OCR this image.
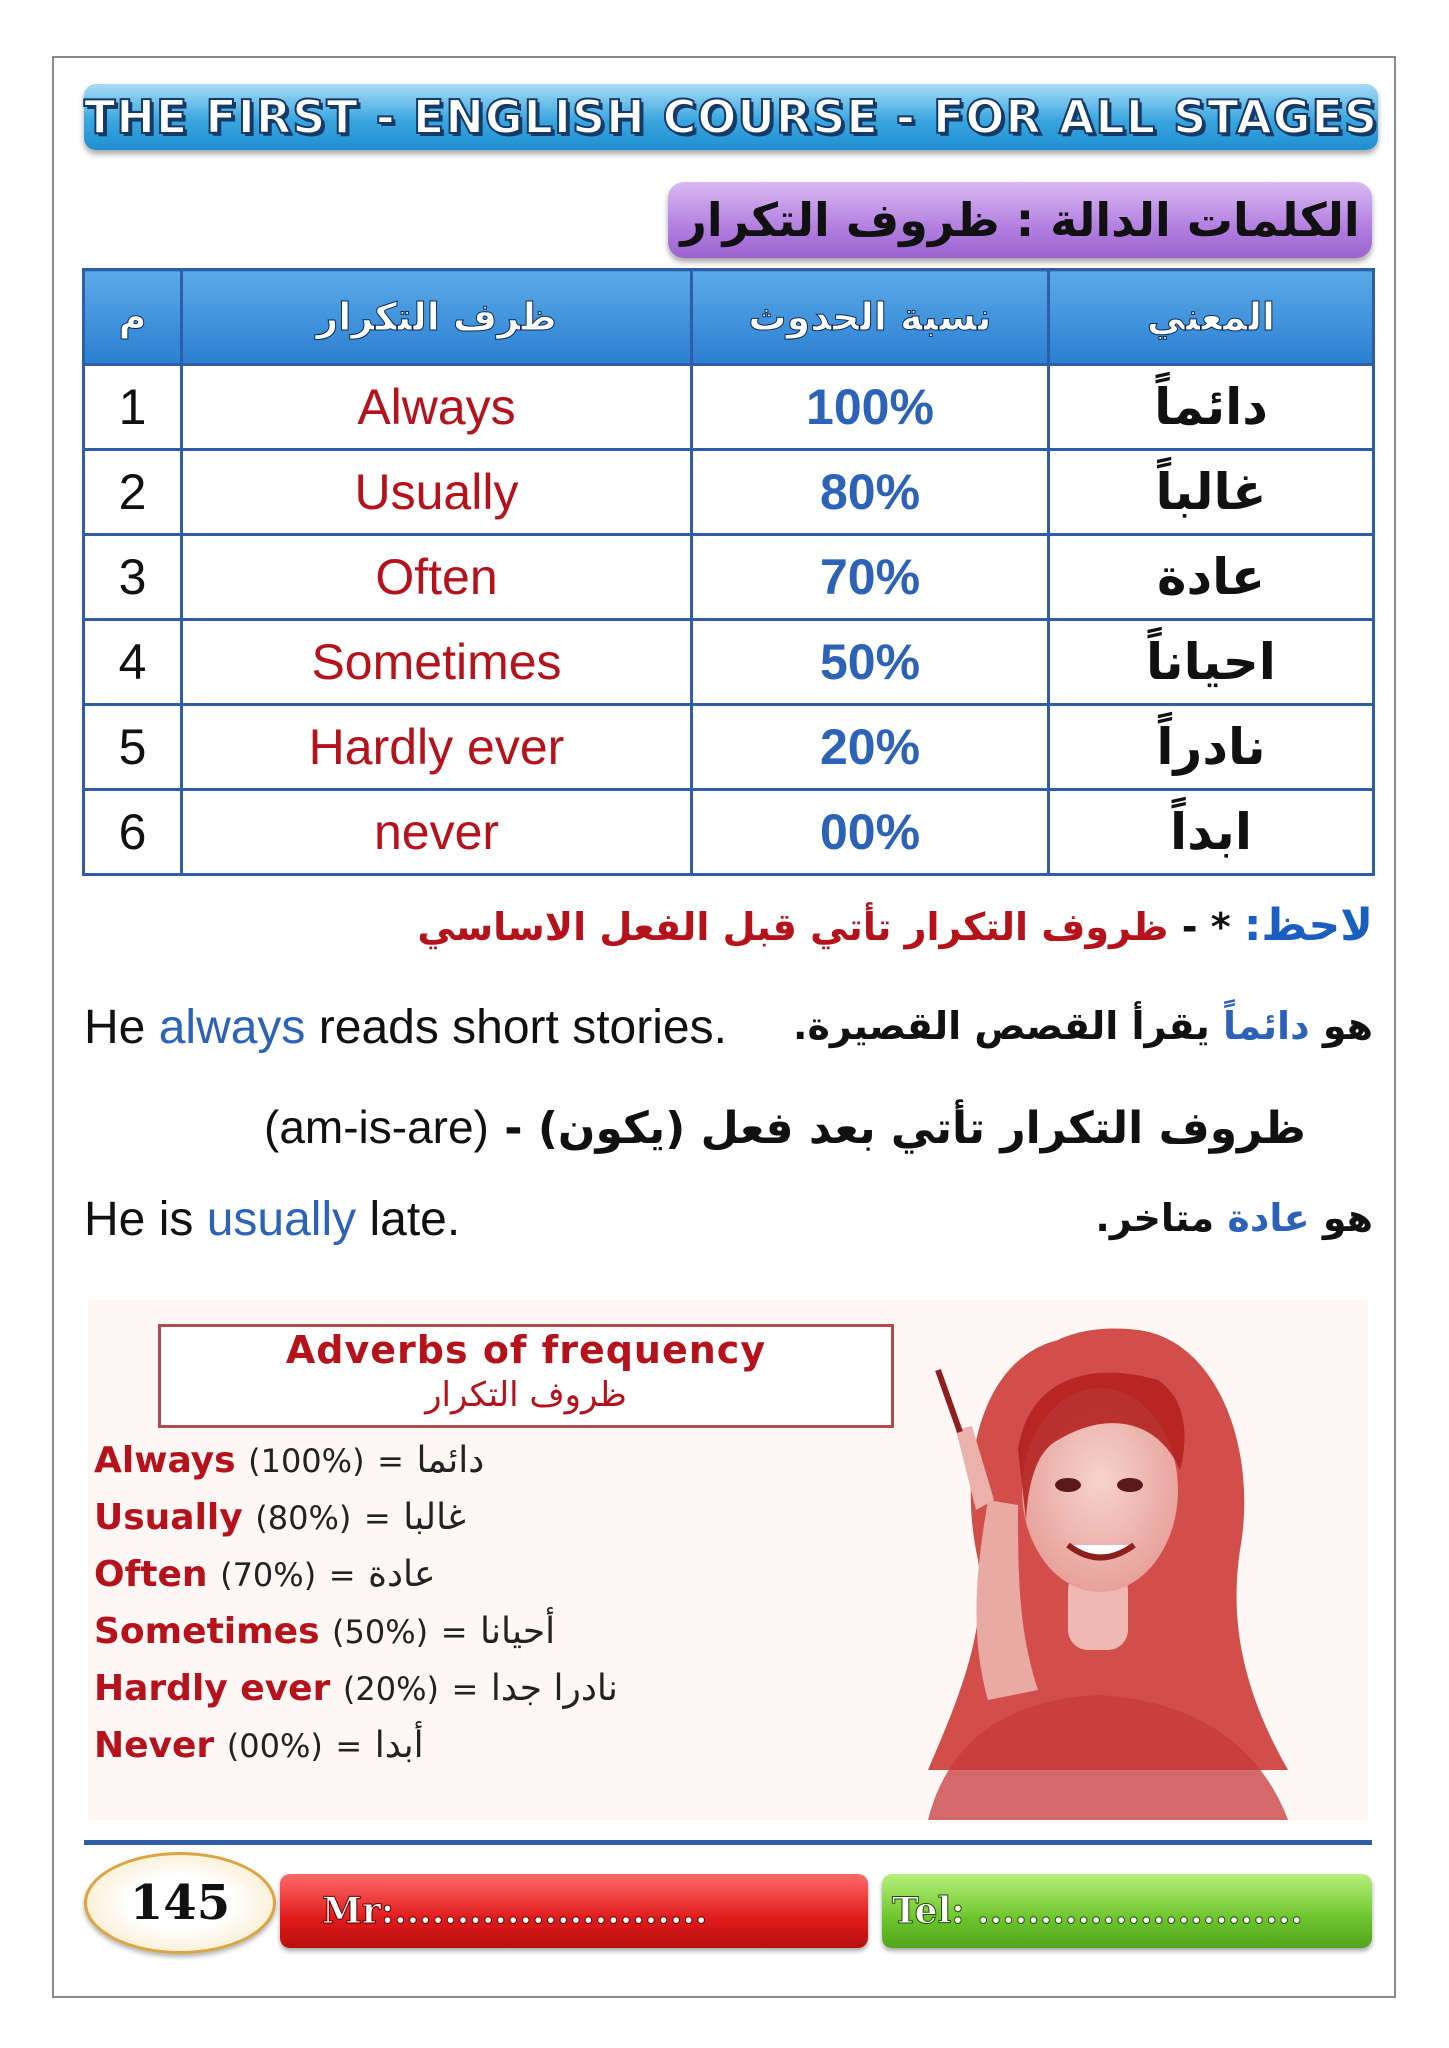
THE FIRST - ENGLISH COURSE - FOR ALL STAGES
الكلمات الدالة : ظروف التكرار
م	ظرف التكرار	نسبة الحدوث	المعني
1	Always	100%	دائماً
2	Usually	80%	غالباً
3	Often	70%	عادة
4	Sometimes	50%	احياناً
5	Hardly ever	20%	نادراً
6	never	00%	ابداً
لاحظ: * - ظروف التكرار تأتي قبل الفعل الاساسي
He always reads short stories.	هو دائماً يقرأ القصص القصيرة.
(am-is-are) - ظروف التكرار تأتي بعد فعل (يكون)
He is usually late.	هو عادة متاخر.
Adverbs of frequency
ظروف التكرار
Always (100%) = دائما
Usually (80%) = غالبا
Often (70%) = عادة
Sometimes (50%) = أحيانا
Hardly ever (20%) = نادرا جدا
Never (00%) = أبدا
145	Mr:.........................	Tel: ..........................
